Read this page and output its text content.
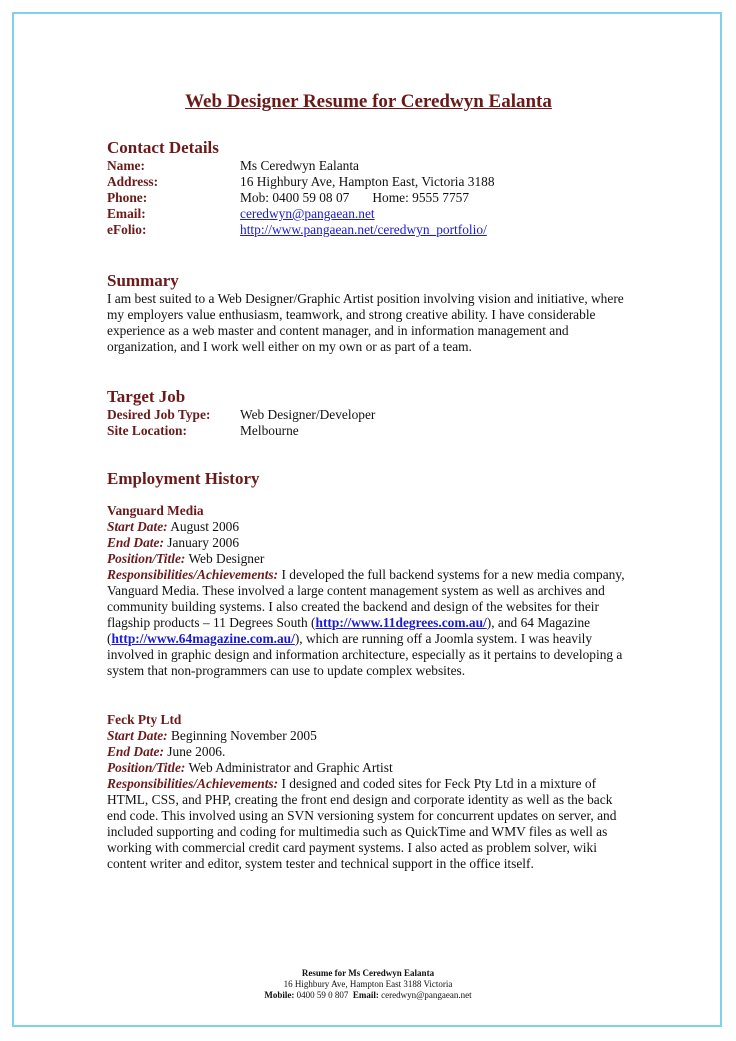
Web Designer Resume for Ceredwyn Ealanta
Contact Details
Name:	Ms Ceredwyn Ealanta
Address:	16 Highbury Ave, Hampton East, Victoria 3188
Phone:	Mob: 0400 59 08 07 Home: 9555 7757
Email:	ceredwyn@pangaean.net
eFolio:	http://www.pangaean.net/ceredwyn_portfolio/
Summary
I am best suited to a Web Designer/Graphic Artist position involving vision and initiative, where my employers value enthusiasm, teamwork, and strong creative ability. I have considerable experience as a web master and content manager, and in information management and organization, and I work well either on my own or as part of a team.
Target Job
Desired Job Type:	Web Designer/Developer
Site Location:	Melbourne
Employment History
Vanguard Media
Start Date: August 2006
End Date: January 2006
Position/Title: Web Designer
Responsibilities/Achievements: I developed the full backend systems for a new media company, Vanguard Media. These involved a large content management system as well as archives and community building systems. I also created the backend and design of the websites for their flagship products – 11 Degrees South (http://www.11degrees.com.au/), and 64 Magazine (http://www.64magazine.com.au/), which are running off a Joomla system. I was heavily involved in graphic design and information architecture, especially as it pertains to developing a system that non-programmers can use to update complex websites.
Feck Pty Ltd
Start Date: Beginning November 2005
End Date: June 2006.
Position/Title: Web Administrator and Graphic Artist
Responsibilities/Achievements: I designed and coded sites for Feck Pty Ltd in a mixture of HTML, CSS, and PHP, creating the front end design and corporate identity as well as the back end code. This involved using an SVN versioning system for concurrent updates on server, and included supporting and coding for multimedia such as QuickTime and WMV files as well as working with commercial credit card payment systems. I also acted as problem solver, wiki content writer and editor, system tester and technical support in the office itself.
Resume for Ms Ceredwyn Ealanta
16 Highbury Ave, Hampton East 3188 Victoria
Mobile: 0400 59 0 807 Email: ceredwyn@pangaean.net
